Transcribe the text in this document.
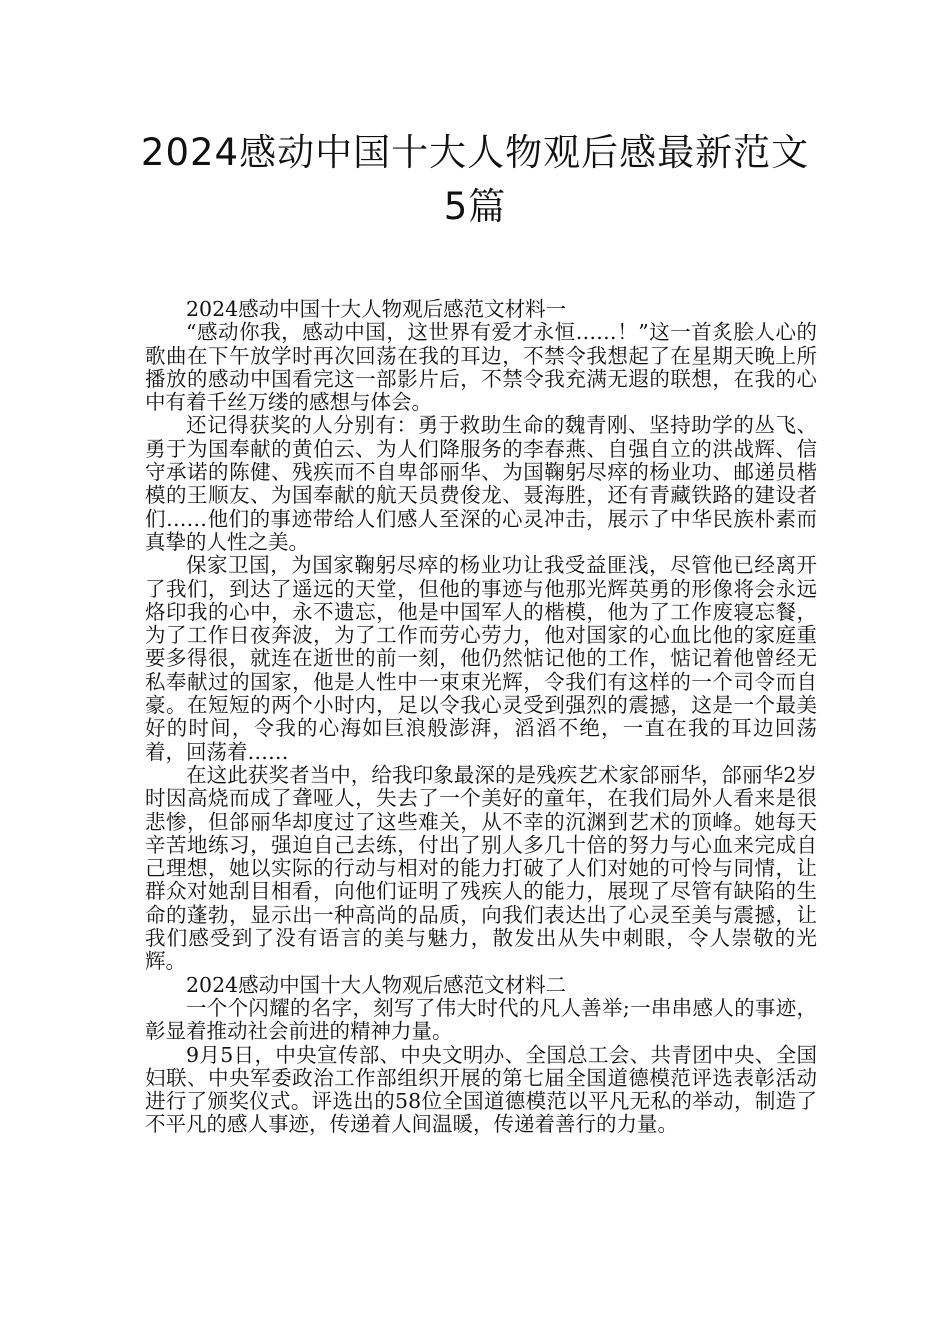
2024感动中国十大人物观后感最新范文
5篇

2024感动中国十大人物观后感范文材料一

“感动你我，感动中国，这世界有爱才永恒……！”这一首炙脍人心的歌曲在下午放学时再次回荡在我的耳边，不禁令我想起了在星期天晚上所播放的感动中国看完这一部影片后，不禁令我充满无遐的联想，在我的心中有着千丝万缕的感想与体会。

还记得获奖的人分别有：勇于救助生命的魏青刚、坚持助学的丛飞、勇于为国奉献的黄伯云、为人们降服务的李春燕、自强自立的洪战辉、信守承诺的陈健、残疾而不自卑郃丽华、为国鞠躬尽瘁的杨业功、邮递员楷模的王顺友、为国奉献的航天员费俊龙、聂海胜，还有青藏铁路的建设者们……他们的事迹带给人们感人至深的心灵冲击，展示了中华民族朴素而真挚的人性之美。

保家卫国，为国家鞠躬尽瘁的杨业功让我受益匪浅，尽管他已经离开了我们，到达了遥远的天堂，但他的事迹与他那光辉英勇的形像将会永远烙印我的心中，永不遗忘，他是中国军人的楷模，他为了工作废寝忘餐，为了工作日夜奔波，为了工作而劳心劳力，他对国家的心血比他的家庭重要多得很，就连在逝世的前一刻，他仍然惦记他的工作，惦记着他曾经无私奉献过的国家，他是人性中一束束光辉，令我们有这样的一个司令而自豪。在短短的两个小时内，足以令我心灵受到强烈的震撼，这是一个最美好的时间，令我的心海如巨浪般澎湃，滔滔不绝，一直在我的耳边回荡着，回荡着……

在这此获奖者当中，给我印象最深的是残疾艺术家郃丽华，郃丽华2岁时因高烧而成了聋哑人，失去了一个美好的童年，在我们局外人看来是很悲惨，但郃丽华却度过了这些难关，从不幸的沉渊到艺术的顶峰。她每天辛苦地练习，强迫自己去练，付出了别人多几十倍的努力与心血来完成自己理想，她以实际的行动与相对的能力打破了人们对她的可怜与同情，让群众对她刮目相看，向他们证明了残疾人的能力，展现了尽管有缺陷的生命的蓬勃，显示出一种高尚的品质，向我们表达出了心灵至美与震撼，让我们感受到了没有语言的美与魅力，散发出从失中刺眼，令人崇敬的光辉。

2024感动中国十大人物观后感范文材料二

一个个闪耀的名字，刻写了伟大时代的凡人善举;一串串感人的事迹，彰显着推动社会前进的精神力量。

9月5日，中央宣传部、中央文明办、全国总工会、共青团中央、全国妇联、中央军委政治工作部组织开展的第七届全国道德模范评选表彰活动进行了颁奖仪式。评选出的58位全国道德模范以平凡无私的举动，制造了不平凡的感人事迹，传递着人间温暖，传递着善行的力量。
